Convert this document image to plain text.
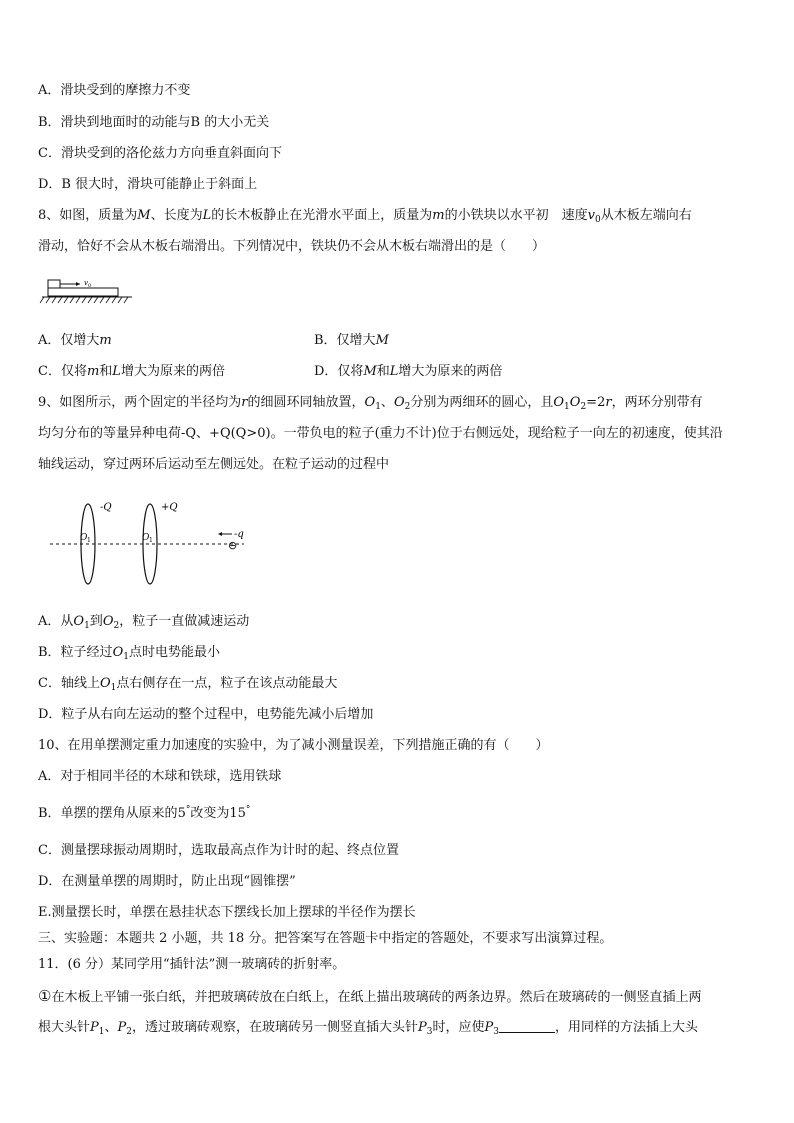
A．滑块受到的摩擦力不变
B．滑块到地面时的动能与B 的大小无关
C．滑块受到的洛伦兹力方向垂直斜面向下
D．B 很大时，滑块可能静止于斜面上
8、如图，质量为M、长度为L的长木板静止在光滑水平面上，质量为m的小铁块以水平初　速度$v_0$从木板左端向右
滑动，恰好不会从木板右端滑出。下列情况中，铁块仍不会从木板右端滑出的是（　　）
v 0
A．仅增大m	B．仅增大M
C．仅将m和L增大为原来的两倍	D．仅将M和L增大为原来的两倍
9、如图所示，两个固定的半径均为r的细圆环同轴放置，$O_1$、$O_2$分别为两细环的圆心，且$O_1O_2=2r$，两环分别带有
均匀分布的等量异种电荷-Q、+Q(Q>0)。一带负电的粒子(重力不计)位于右侧远处，现给粒子一向左的初速度，使其沿
轴线运动，穿过两环后运动至左侧远处。在粒子运动的过程中
-Q	+Q
O 1	O 1
-q
⊖
A．从$O_1$到$O_2$，粒子一直做减速运动
B．粒子经过$O_1$点时电势能最小
C．轴线上$O_1$点右侧存在一点，粒子在该点动能最大
D．粒子从右向左运动的整个过程中，电势能先减小后增加
10、在用单摆测定重力加速度的实验中，为了减小测量误差，下列措施正确的有（　　）
A．对于相同半径的木球和铁球，选用铁球
B．单摆的摆角从原来的5°改变为15°
C．测量摆球振动周期时，选取最高点作为计时的起、终点位置
D．在测量单摆的周期时，防止出现“圆锥摆”
E.测量摆长时，单摆在悬挂状态下摆线长加上摆球的半径作为摆长
三、实验题：本题共 2 小题，共 18 分。把答案写在答题卡中指定的答题处，不要求写出演算过程。
11．(6 分）某同学用“插针法”测一玻璃砖的折射率。
①在木板上平铺一张白纸，并把玻璃砖放在白纸上，在纸上描出玻璃砖的两条边界。然后在玻璃砖的一侧竖直插上两
根大头针$P_1$、$P_2$，透过玻璃砖观察，在玻璃砖另一侧竖直插大头针$P_3$时，应使$P_3$	，用同样的方法插上大头
